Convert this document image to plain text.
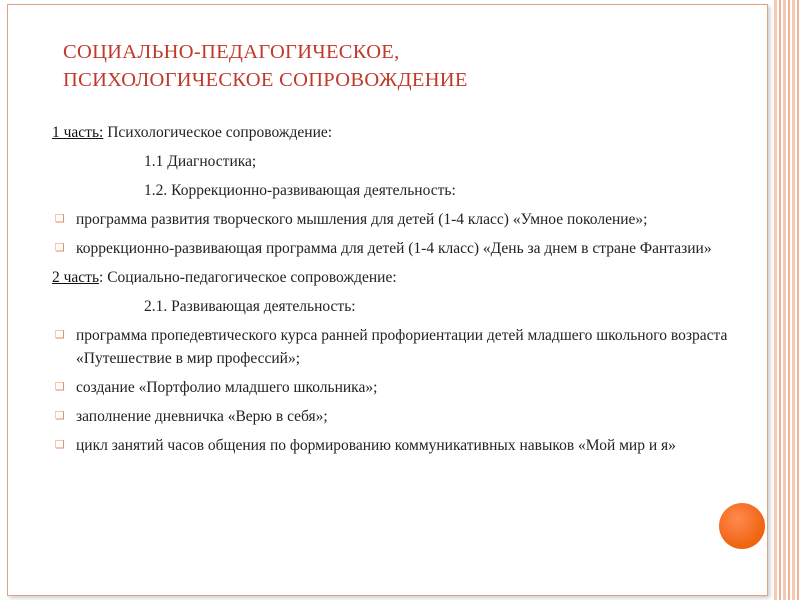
СОЦИАЛЬНО-ПЕДАГОГИЧЕСКОЕ,
ПСИХОЛОГИЧЕСКОЕ СОПРОВОЖДЕНИЕ
1 часть: Психологическое сопровождение:
1.1 Диагностика;
1.2. Коррекционно-развивающая деятельность:
❑ программа развития творческого мышления для детей (1-4 класс) «Умное поколение»;
❑ коррекционно-развивающая программа для детей (1-4 класс) «День за днем в стране Фантазии»
2 часть: Социально-педагогическое сопровождение:
2.1. Развивающая деятельность:
❑ программа пропедевтического курса ранней профориентации детей младшего школьного возраста «Путешествие в мир профессий»;
❑ создание «Портфолио младшего школьника»;
❑ заполнение дневничка «Верю в себя»;
❑ цикл занятий часов общения по формированию коммуникативных навыков «Мой мир и я»
